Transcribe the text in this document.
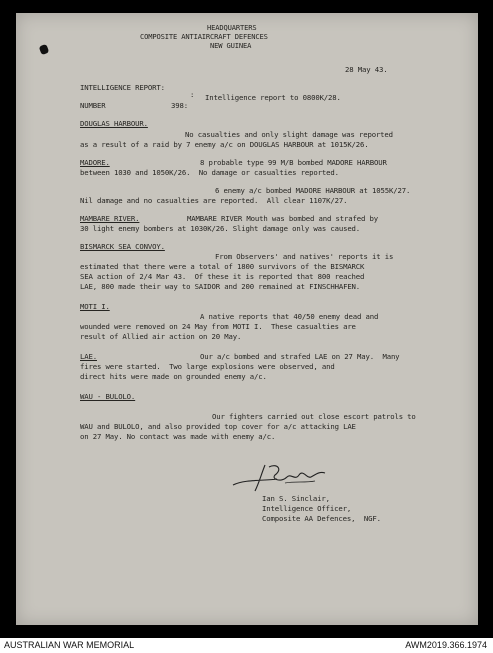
HEADQUARTERS
COMPOSITE ANTIAIRCRAFT DEFENCES
NEW GUINEA
28 May 43.
INTELLIGENCE REPORT:
: Intelligence report to 0800K/28.
NUMBER	398:
DOUGLAS HARBOUR.
No casualties and only slight damage was reported
as a result of a raid by 7 enemy a/c on DOUGLAS HARBOUR at 1015K/26.
MADORE.	8 probable type 99 M/B bombed MADORE HARBOUR
between 1030 and 1050K/26.  No damage or casualties reported.
6 enemy a/c bombed MADORE HARBOUR at 1055K/27.
Nil damage and no casualties are reported.  All clear 1107K/27.
MAMBARE RIVER.	MAMBARE RIVER Mouth was bombed and strafed by
30 light enemy bombers at 1030K/26. Slight damage only was caused.
BISMARCK SEA CONVOY.
From Observers' and natives' reports it is
estimated that there were a total of 1800 survivors of the BISMARCK
SEA action of 2/4 Mar 43.  Of these it is reported that 800 reached
LAE, 800 made their way to SAIDOR and 200 remained at FINSCHHAFEN.
MOTI I.
A native reports that 40/50 enemy dead and
wounded were removed on 24 May from MOTI I.  These casualties are
result of Allied air action on 20 May.
LAE.	Our a/c bombed and strafed LAE on 27 May.  Many
fires were started.  Two large explosions were observed, and
direct hits were made on grounded enemy a/c.
WAU - BULOLO.
Our fighters carried out close escort patrols to
WAU and BULOLO, and also provided top cover for a/c attacking LAE
on 27 May. No contact was made with enemy a/c.
Ian S. Sinclair,
Intelligence Officer,
Composite AA Defences,  NGF.
AUSTRALIAN WAR MEMORIAL	AWM2019.366.1974
